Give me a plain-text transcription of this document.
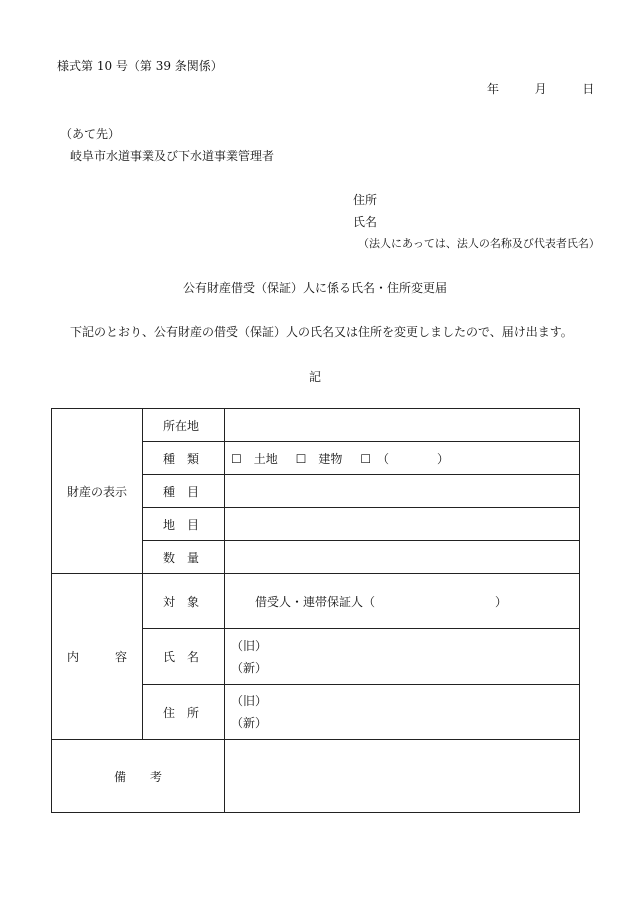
様式第 10 号（第 39 条関係）
年	月	日
（あて先）
岐阜市水道事業及び下水道事業管理者
住所
氏名
（法人にあっては、法人の名称及び代表者氏名）
公有財産借受（保証）人に係る氏名・住所変更届
下記のとおり、公有財産の借受（保証）人の氏名又は住所を変更しましたので、届け出ます。
記
財産の表示	所在地	
	種　類	☐　土地 ☐　建物 ☐　（　　　　）
	種　目	
	地　目	
	数　量	
内　　　容	対　象	借受人・連帯保証人（　　　　　　　　　　）
	氏　名	（旧）
（新）

	住　所	（旧）
（新）

備　　考		
